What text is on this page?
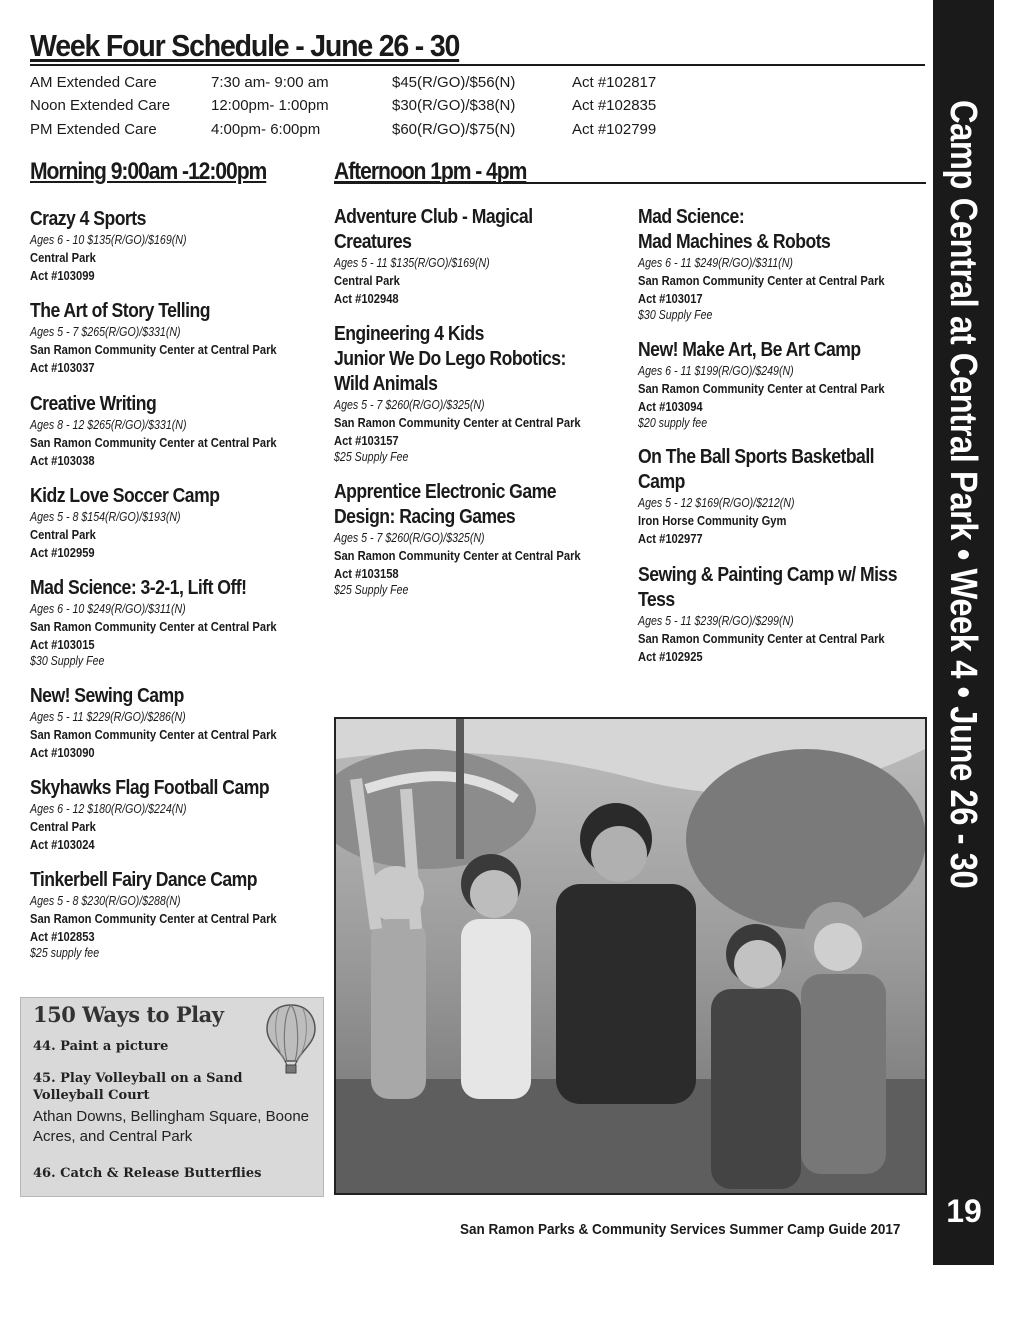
Week Four Schedule - June 26 - 30
AM Extended Care	7:30 am- 9:00 am	$45(R/GO)/$56(N)	Act #102817
Noon Extended Care	12:00pm- 1:00pm	$30(R/GO)/$38(N)	Act #102835
PM Extended Care	4:00pm- 6:00pm	$60(R/GO)/$75(N)	Act #102799
Morning 9:00am -12:00pm	Afternoon 1pm - 4pm
Crazy 4 Sports
Ages 6 - 10 $135(R/GO)/$169(N)
Central Park
Act #103099
The Art of Story Telling
Ages 5 - 7 $265(R/GO)/$331(N)
San Ramon Community Center at Central Park
Act #103037
Creative Writing
Ages 8 - 12 $265(R/GO)/$331(N)
San Ramon Community Center at Central Park
Act #103038
Kidz Love Soccer Camp
Ages 5 - 8 $154(R/GO)/$193(N)
Central Park
Act #102959
Mad Science: 3-2-1, Lift Off!
Ages 6 - 10 $249(R/GO)/$311(N)
San Ramon Community Center at Central Park
Act #103015
$30 Supply Fee
New! Sewing Camp
Ages 5 - 11 $229(R/GO)/$286(N)
San Ramon Community Center at Central Park
Act #103090
Skyhawks Flag Football Camp
Ages 6 - 12 $180(R/GO)/$224(N)
Central Park
Act #103024
Tinkerbell Fairy Dance Camp
Ages 5 - 8 $230(R/GO)/$288(N)
San Ramon Community Center at Central Park
Act #102853
$25 supply fee
Adventure Club - Magical
Creatures
Ages 5 - 11 $135(R/GO)/$169(N)
Central Park
Act #102948
Engineering 4 Kids
Junior We Do Lego Robotics:
Wild Animals
Ages 5 - 7 $260(R/GO)/$325(N)
San Ramon Community Center at Central Park
Act #103157
$25 Supply Fee
Apprentice Electronic Game
Design: Racing Games
Ages 5 - 7 $260(R/GO)/$325(N)
San Ramon Community Center at Central Park
Act #103158
$25 Supply Fee
Mad Science:
Mad Machines & Robots
Ages 6 - 11 $249(R/GO)/$311(N)
San Ramon Community Center at Central Park
Act #103017
$30 Supply Fee
New! Make Art, Be Art Camp
Ages 6 - 11 $199(R/GO)/$249(N)
San Ramon Community Center at Central Park
Act #103094
$20 supply fee
On The Ball Sports Basketball
Camp
Ages 5 - 12 $169(R/GO)/$212(N)
Iron Horse Community Gym
Act #102977
Sewing & Painting Camp w/ Miss
Tess
Ages 5 - 11 $239(R/GO)/$299(N)
San Ramon Community Center at Central Park
Act #102925
150 Ways to Play
44. Paint a picture
45. Play Volleyball on a Sand Volleyball Court
Athan Downs, Bellingham Square, Boone Acres, and Central Park
46. Catch & Release Butterflies
Camp Central at Central Park • Week 4 • June 26 - 30
19
San Ramon Parks & Community Services Summer Camp Guide 2017
